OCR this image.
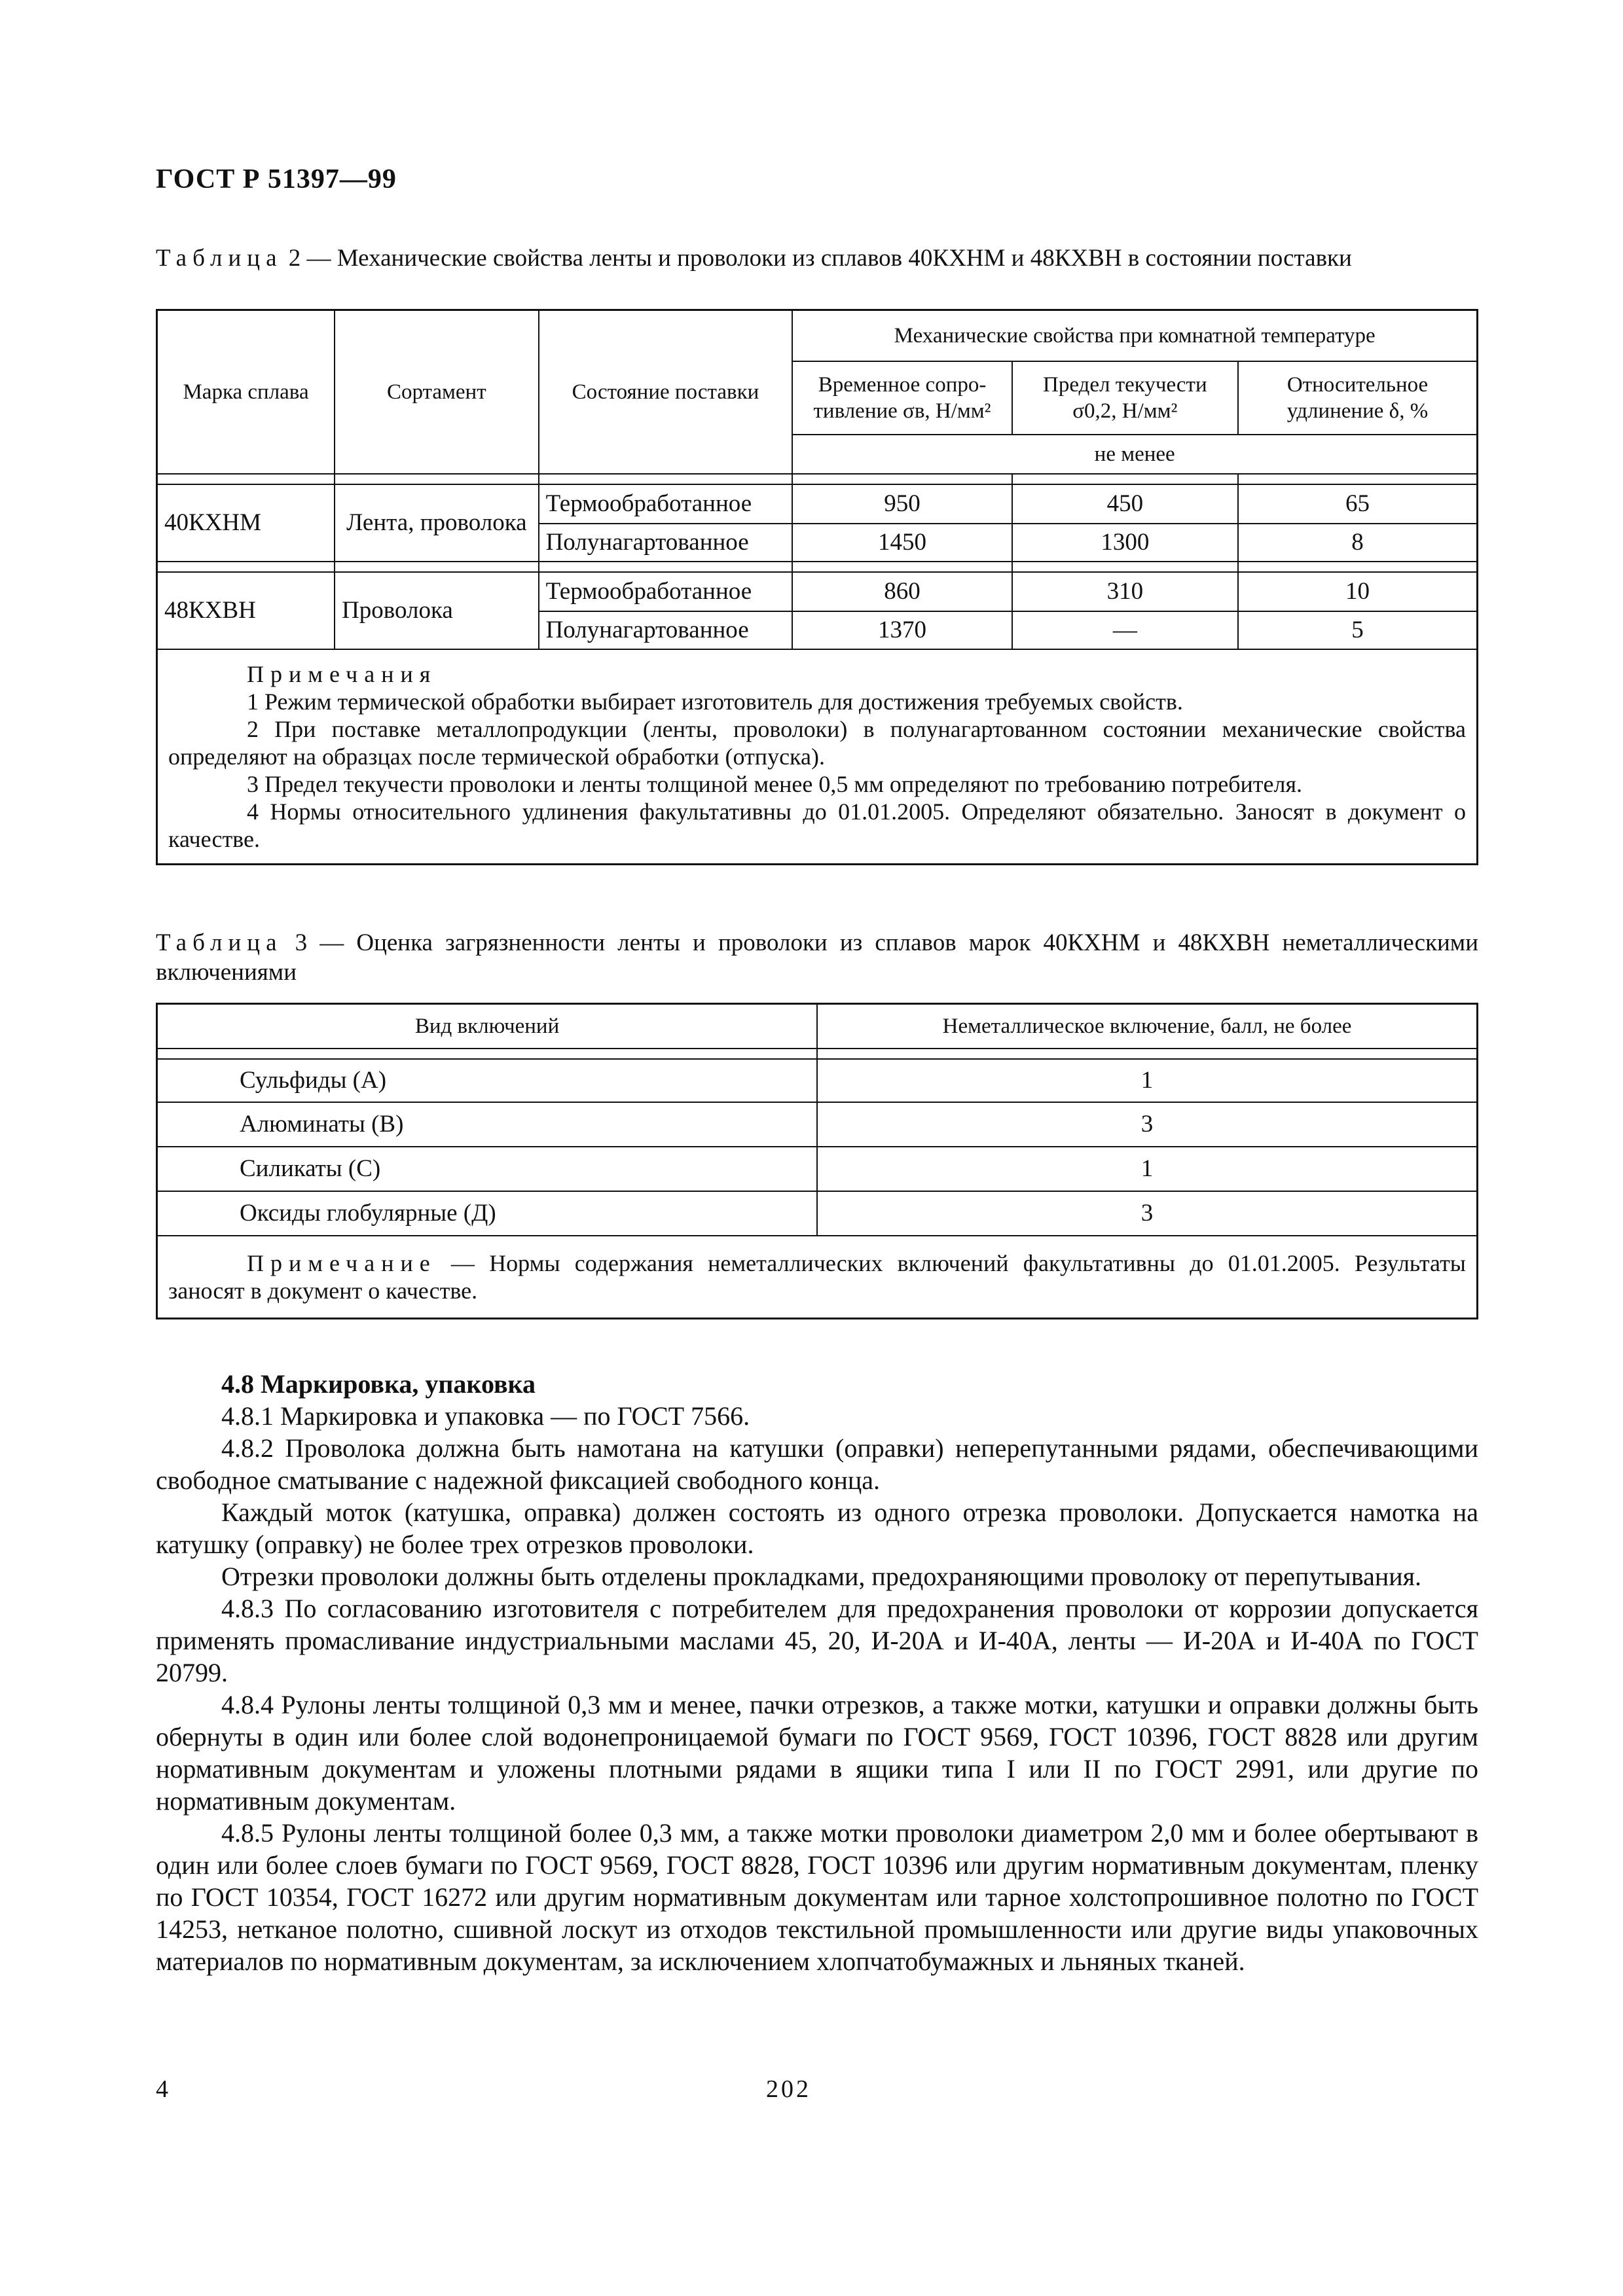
ГОСТ Р 51397—99
Таблица 2 — Механические свойства ленты и проволоки из сплавов 40КХНМ и 48КХВН в состоянии поставки
Марка сплава	Сортамент	Состояние поставки	Механические свойства при комнатной температуре		
			Временное сопро-тивление σв, Н/мм²	Предел текучести σ0,2, Н/мм²	Относительное удлинение δ, %
			не менее		

40КХНМ	Лента, проволока	Термообработанное	950	450	65
		Полунагартованное	1450	1300	8

48КХВН	Проволока	Термообработанное	860	310	10
		Полунагартованное	1370	—	5

Примечания

1 Режим термической обработки выбирает изготовитель для достижения требуемых свойств.

2 При поставке металлопродукции (ленты, проволоки) в полунагартованном состоянии механические свойства определяют на образцах после термической обработки (отпуска).

3 Предел текучести проволоки и ленты толщиной менее 0,5 мм определяют по требованию потребителя.

4 Нормы относительного удлинения факультативны до 01.01.2005. Определяют обязательно. Заносят в документ о качестве.					

Таблица 3 — Оценка загрязненности ленты и проволоки из сплавов марок 40КХНМ и 48КХВН неметаллическими включениями
Вид включений	Неметаллическое включение, балл, не более

Сульфиды (А)	1
Алюминаты (В)	3
Силикаты (С)	1
Оксиды глобулярные (Д)	3

Примечание — Нормы содержания неметаллических включений факультативны до 01.01.2005. Результаты заносят в документ о качестве.	

4.8 Маркировка, упаковка

4.8.1 Маркировка и упаковка — по ГОСТ 7566.

4.8.2 Проволока должна быть намотана на катушки (оправки) неперепутанными рядами, обеспечивающими свободное сматывание с надежной фиксацией свободного конца.

Каждый моток (катушка, оправка) должен состоять из одного отрезка проволоки. Допускается намотка на катушку (оправку) не более трех отрезков проволоки.

Отрезки проволоки должны быть отделены прокладками, предохраняющими проволоку от перепутывания.

4.8.3 По согласованию изготовителя с потребителем для предохранения проволоки от коррозии допускается применять промасливание индустриальными маслами 45, 20, И-20А и И-40А, ленты — И-20А и И-40А по ГОСТ 20799.

4.8.4 Рулоны ленты толщиной 0,3 мм и менее, пачки отрезков, а также мотки, катушки и оправки должны быть обернуты в один или более слой водонепроницаемой бумаги по ГОСТ 9569, ГОСТ 10396, ГОСТ 8828 или другим нормативным документам и уложены плотными рядами в ящики типа I или II по ГОСТ 2991, или другие по нормативным документам.

4.8.5 Рулоны ленты толщиной более 0,3 мм, а также мотки проволоки диаметром 2,0 мм и более обертывают в один или более слоев бумаги по ГОСТ 9569, ГОСТ 8828, ГОСТ 10396 или другим нормативным документам, пленку по ГОСТ 10354, ГОСТ 16272 или другим нормативным документам или тарное холстопрошивное полотно по ГОСТ 14253, нетканое полотно, сшивной лоскут из отходов текстильной промышленности или другие виды упаковочных материалов по нормативным документам, за исключением хлопчатобумажных и льняных тканей.

4	202
